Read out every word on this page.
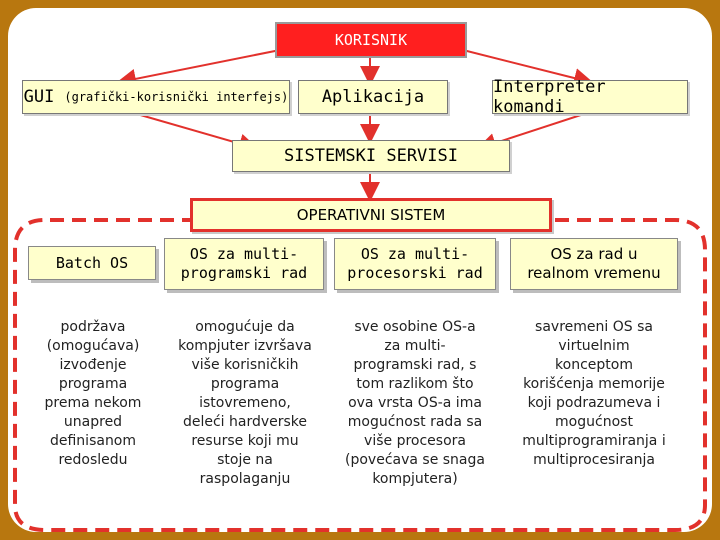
KORISNIK
GUI (grafički-korisnički interfejs) Aplikacija	Interpreter komandi
SISTEMSKI SERVISI
OPERATIVNI SISTEM
Batch OS	OS za multi-
programski rad
OS za multi-
procesorski rad
OS za rad u
realnom vremenu
podržava
(omogućava)
izvođenje
programa
prema nekom
unapred
definisanom
redosledu
omogućuje da
kompjuter izvršava
više korisničkih
programa
istovremeno,
deleći hardverske
resurse koji mu
stoje na
raspolaganju
sve osobine OS-a
za multi-
programski rad, s
tom razlikom što
ova vrsta OS-a ima
mogućnost rada sa
više procesora
(povećava se snaga
kompjutera)
savremeni OS sa
virtuelnim
konceptom
korišćenja memorije
koji podrazumeva i
mogućnost
multiprogramiranja i
multiprocesiranja
